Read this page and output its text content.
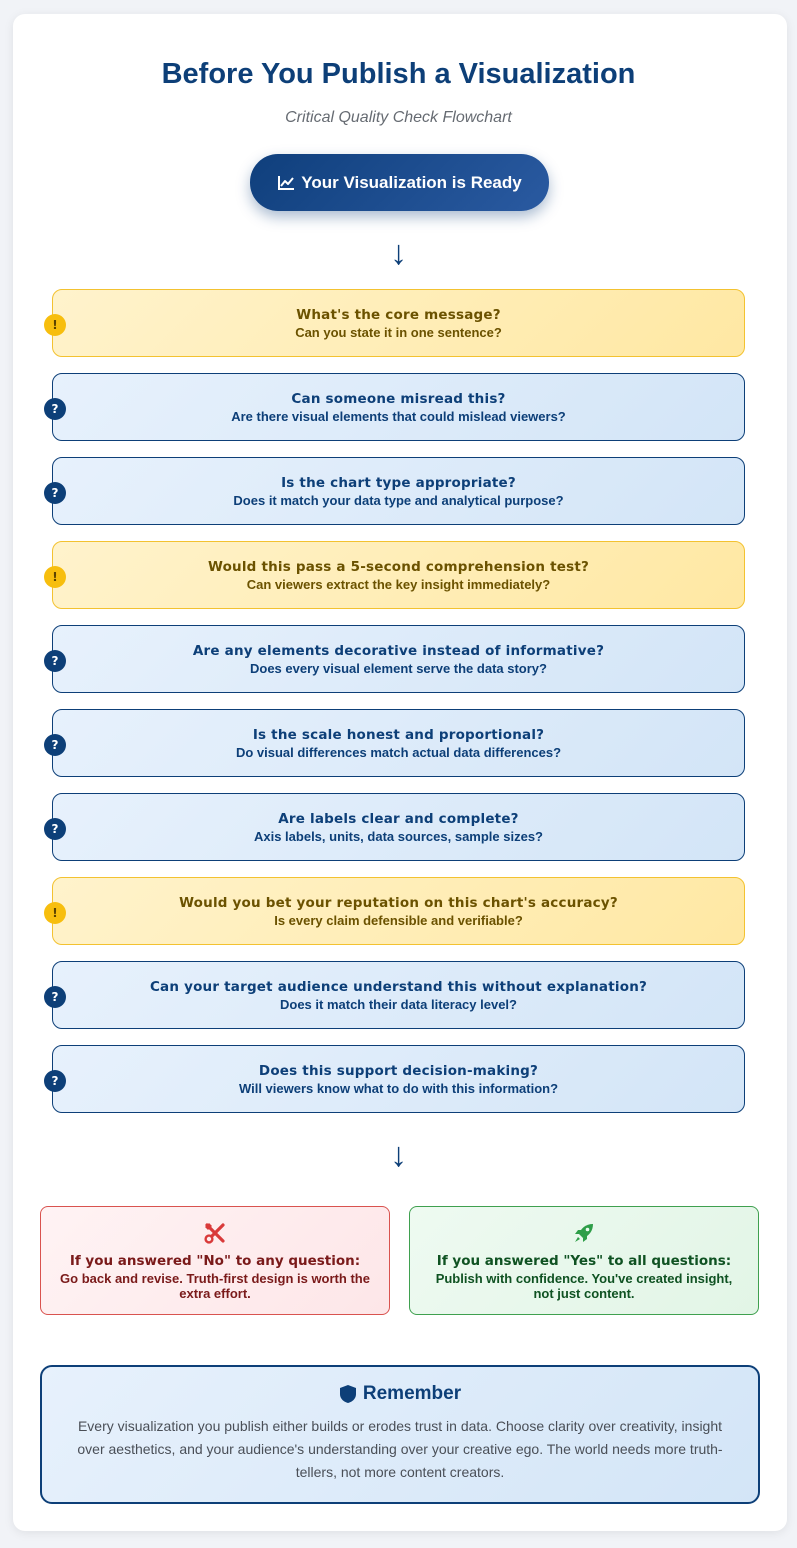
Before You Publish a Visualization
Critical Quality Check Flowchart
Your Visualization is Ready
↓
!
What's the core message?
Can you state it in one sentence?
?
Can someone misread this?
Are there visual elements that could mislead viewers?
?
Is the chart type appropriate?
Does it match your data type and analytical purpose?
!
Would this pass a 5-second comprehension test?
Can viewers extract the key insight immediately?
?
Are any elements decorative instead of informative?
Does every visual element serve the data story?
?
Is the scale honest and proportional?
Do visual differences match actual data differences?
?
Are labels clear and complete?
Axis labels, units, data sources, sample sizes?
!
Would you bet your reputation on this chart's accuracy?
Is every claim defensible and verifiable?
?
Can your target audience understand this without explanation?
Does it match their data literacy level?
?
Does this support decision-making?
Will viewers know what to do with this information?
↓
If you answered "No" to any question:
Go back and revise. Truth-first design is worth the extra effort.
If you answered "Yes" to all questions:
Publish with confidence. You've created insight, not just content.
Remember
Every visualization you publish either builds or erodes trust in data. Choose clarity over creativity, insight over aesthetics, and your audience's understanding over your creative ego. The world needs more truth-tellers, not more content creators.
